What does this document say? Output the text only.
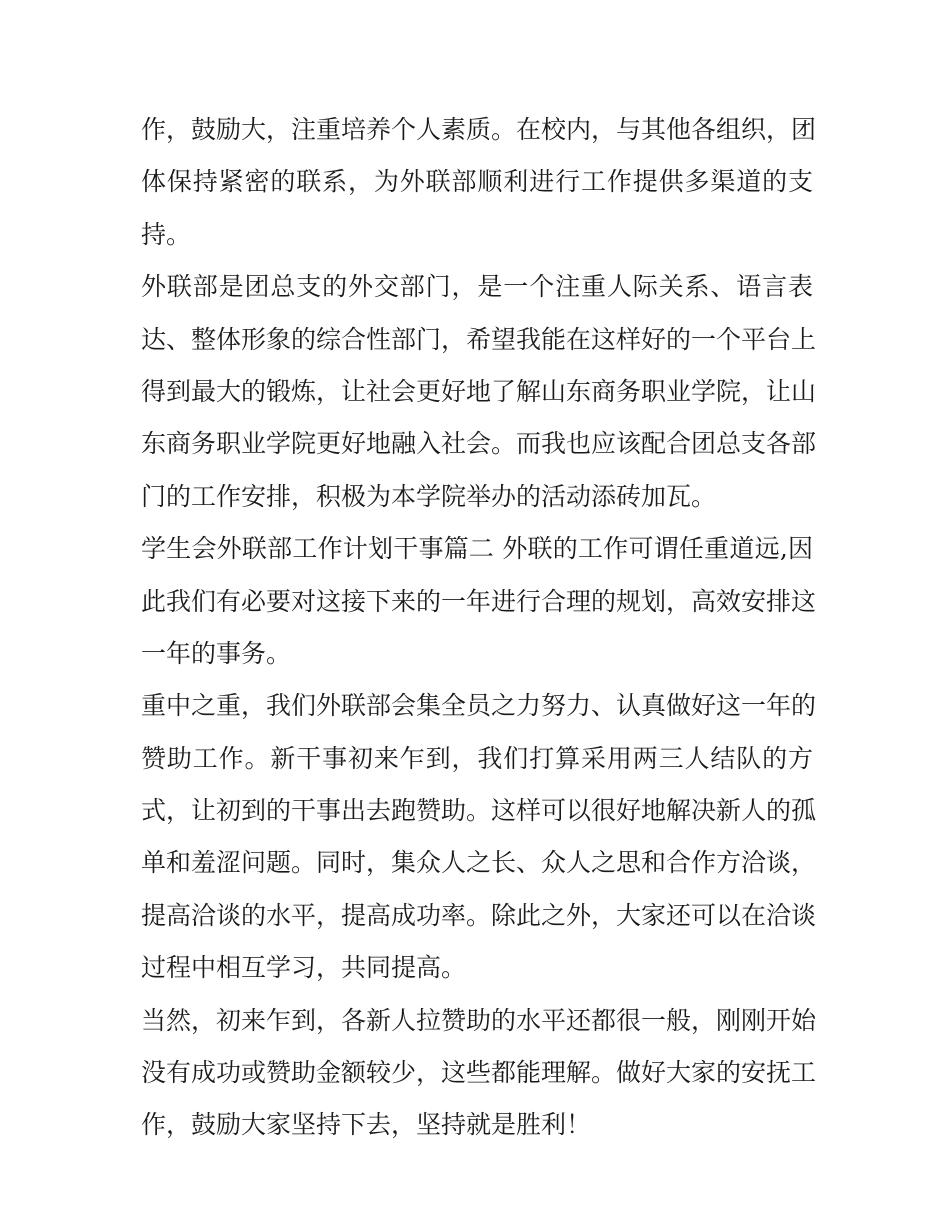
作，鼓励大，注重培养个人素质。在校内，与其他各组织，团
体保持紧密的联系，为外联部顺利进行工作提供多渠道的支
持。
外联部是团总支的外交部门，是一个注重人际关系、语言表
达、整体形象的综合性部门，希望我能在这样好的一个平台上
得到最大的锻炼，让社会更好地了解山东商务职业学院，让山
东商务职业学院更好地融入社会。而我也应该配合团总支各部
门的工作安排，积极为本学院举办的活动添砖加瓦。
学生会外联部工作计划干事篇二 外联的工作可谓任重道远,因
此我们有必要对这接下来的一年进行合理的规划，高效安排这
一年的事务。
重中之重，我们外联部会集全员之力努力、认真做好这一年的
赞助工作。新干事初来乍到，我们打算采用两三人结队的方
式，让初到的干事出去跑赞助。这样可以很好地解决新人的孤
单和羞涩问题。同时，集众人之长、众人之思和合作方洽谈，
提高洽谈的水平，提高成功率。除此之外，大家还可以在洽谈
过程中相互学习，共同提高。
当然，初来乍到，各新人拉赞助的水平还都很一般，刚刚开始
没有成功或赞助金额较少，这些都能理解。做好大家的安抚工
作，鼓励大家坚持下去，坚持就是胜利！
